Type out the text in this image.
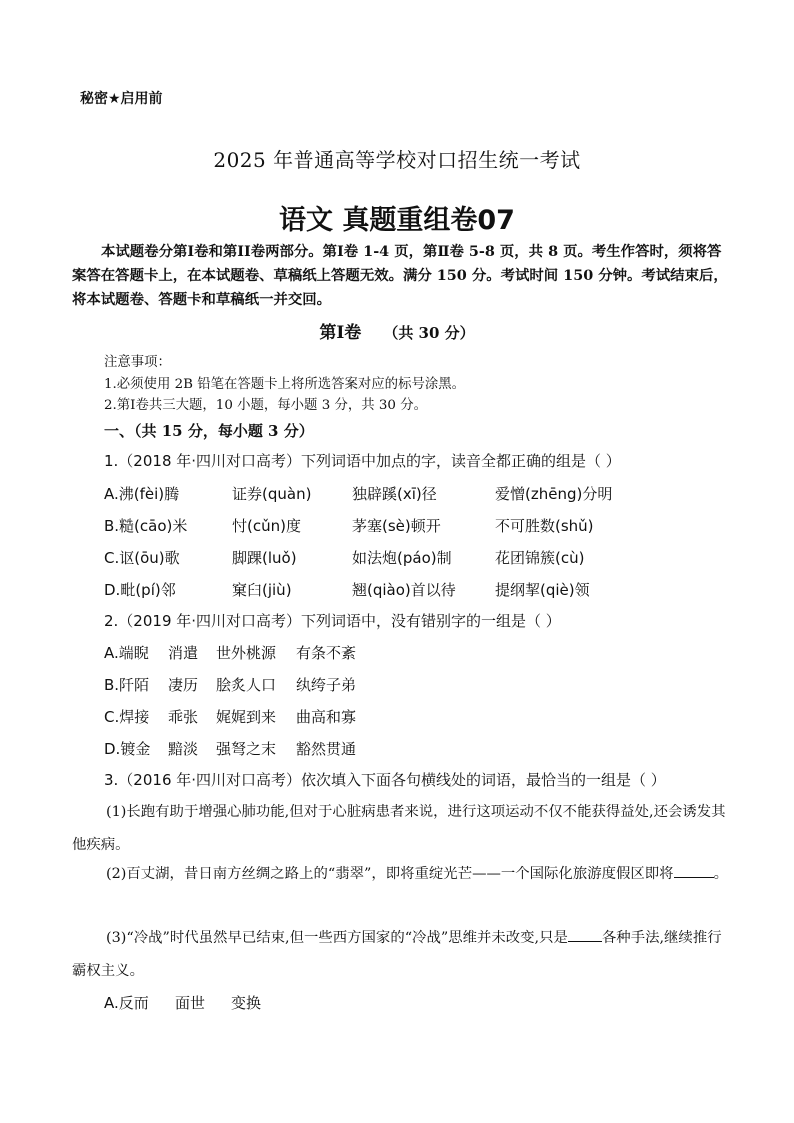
秘密★启用前
2025 年普通高等学校对口招生统一考试
语文 真题重组卷07
本试题卷分第Ⅰ卷和第ⅠⅠ卷两部分。第Ⅰ卷 1-4 页，第Ⅱ卷 5-8 页，共 8 页。考生作答时，须将答案答在答题卡上，在本试题卷、草稿纸上答题无效。满分 150 分。考试时间 150 分钟。考试结束后，将本试题卷、答题卡和草稿纸一并交回。
第Ⅰ卷 （共 30 分）
注意事项：
1.必须使用 2B 铅笔在答题卡上将所选答案对应的标号涂黑。
2.第Ⅰ卷共三大题，10 小题，每小题 3 分，共 30 分。
一、（共 15 分，每小题 3 分）
1.（2018 年·四川对口高考）下列词语中加点的字，读音全都正确的组是（ ）
A.沸(fèi)腾	证券(quàn)	独辟蹊(xī)径	爱憎(zhēng)分明
B.糙(cāo)米	忖(cǔn)度	茅塞(sè)顿开	不可胜数(shǔ)
C.讴(ōu)歌	脚踝(luǒ)	如法炮(páo)制	花团锦簇(cù)
D.毗(pí)邻	窠臼(jiù)	翘(qiào)首以待	提纲挈(qiè)领
2.（2019 年·四川对口高考）下列词语中，没有错别字的一组是（ ）
A.端睨 消遣 世外桃源 有条不紊
B.阡陌 凄历 脍炙人口 纨绔子弟
C.焊接 乖张 娓娓到来 曲高和寡
D.镀金 黯淡 强弩之末 豁然贯通
3.（2016 年·四川对口高考）依次填入下面各句横线处的词语，最恰当的一组是（ ）
(1)长跑有助于增强心肺功能,但对于心脏病患者来说，进行这项运动不仅不能获得益处,还会诱发其他疾病。
(2)百丈湖，昔日南方丝绸之路上的“翡翠”，即将重绽光芒——一个国际化旅游度假区即将	。
(3)“冷战”时代虽然早已结束,但一些西方国家的“冷战”思维并未改变,只是 各种手法,继续推行霸权主义。
A.反而 面世 变换
